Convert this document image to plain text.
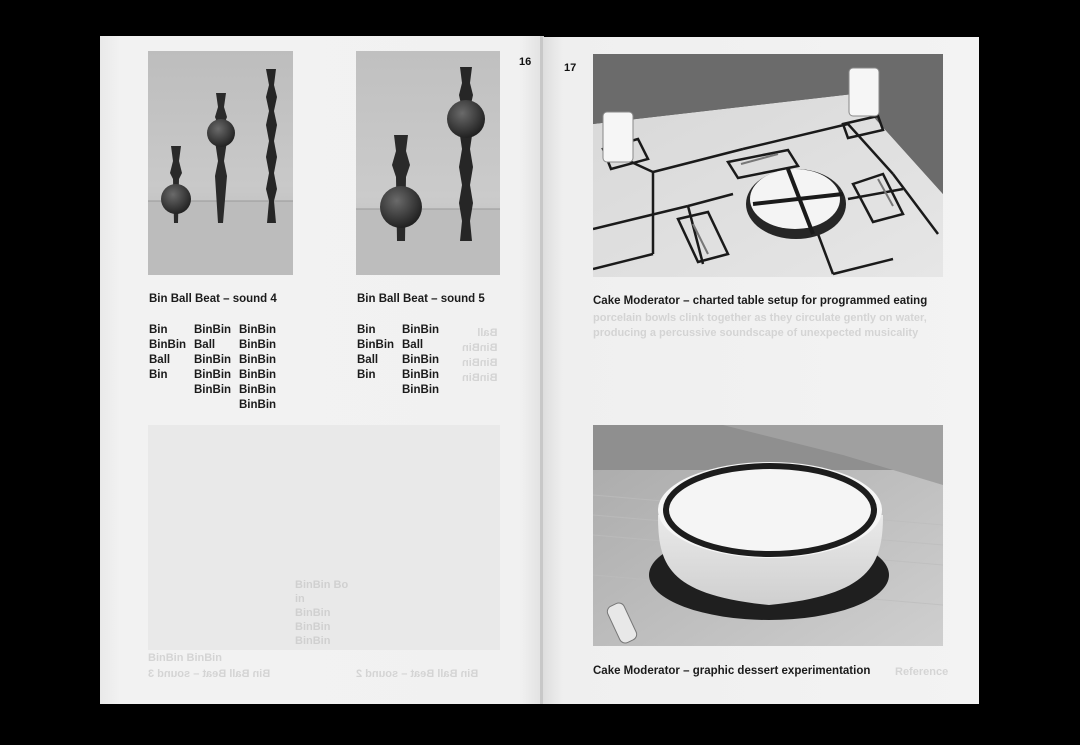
BinBin Bo
in
BinBin
BinBin
BinBin
BinBin BinBin
Bin Ball Beat – sound 3	Bin Ball Beat – sound 2
Ball
BinBin
BinBin
BinBin
16
Bin Ball Beat – sound 4	Bin Ball Beat – sound 5
Bin
BinBin
Ball
Bin
BinBin
Ball
BinBin
BinBin
BinBin
BinBin
BinBin
BinBin
BinBin
BinBin
BinBin
Bin
BinBin
Ball
Bin
BinBin
Ball
BinBin
BinBin
BinBin
17
Cake Moderator – charted table setup for programmed eating
porcelain bowls clink together as they circulate gently on water,
producing a percussive soundscape of unexpected musicality
Cake Moderator – graphic dessert experimentation Reference
